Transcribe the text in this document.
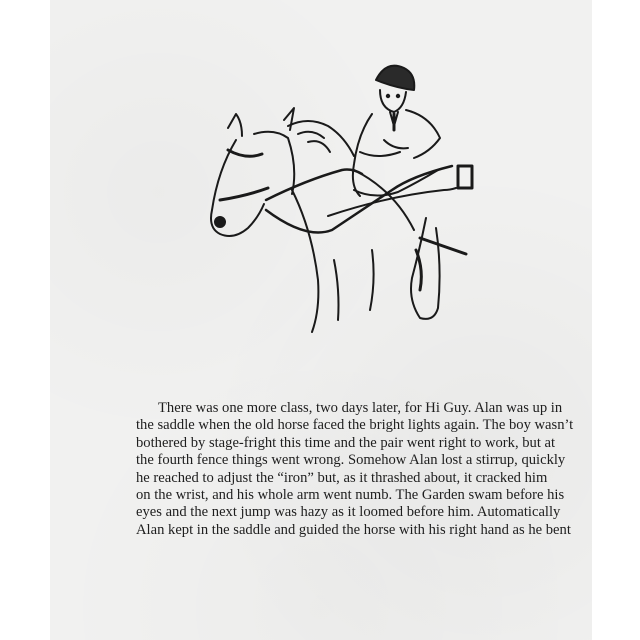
There was one more class, two days later, for Hi Guy. Alan was up in
the saddle when the old horse faced the bright lights again. The boy wasn’t
bothered by stage-fright this time and the pair went right to work, but at
the fourth fence things went wrong. Somehow Alan lost a stirrup, quickly
he reached to adjust the “iron” but, as it thrashed about, it cracked him
on the wrist, and his whole arm went numb. The Garden swam before his
eyes and the next jump was hazy as it loomed before him. Automatically
Alan kept in the saddle and guided the horse with his right hand as he bent
